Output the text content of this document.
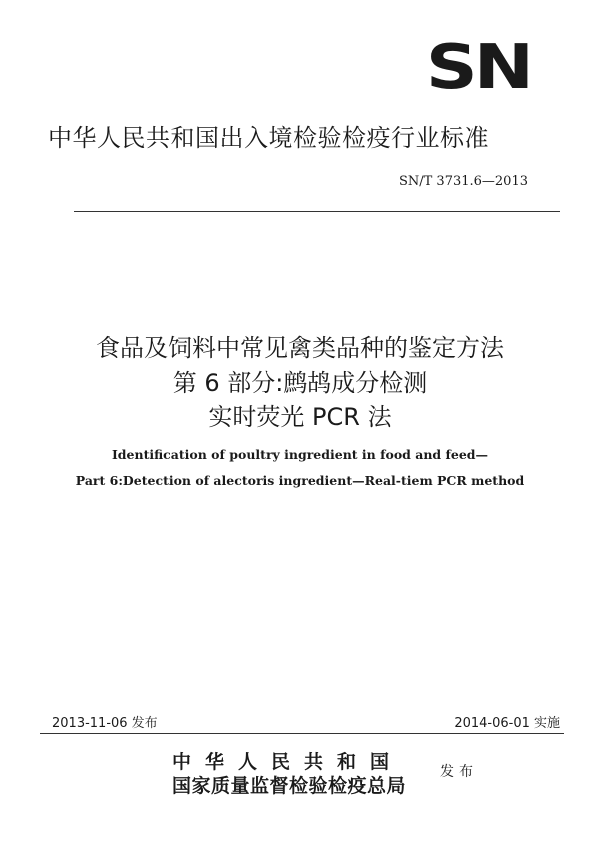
SN
中华人民共和国出入境检验检疫行业标准
SN/T 3731.6—2013
食品及饲料中常见禽类品种的鉴定方法
第 6 部分:鹧鸪成分检测
实时荧光 PCR 法
Identification of poultry ingredient in food and feed—
Part 6:Detection of alectoris ingredient—Real-tiem PCR method
2013-11-06 发布	2014-06-01 实施
中华人民共和国
国家质量监督检验检疫总局
发布
